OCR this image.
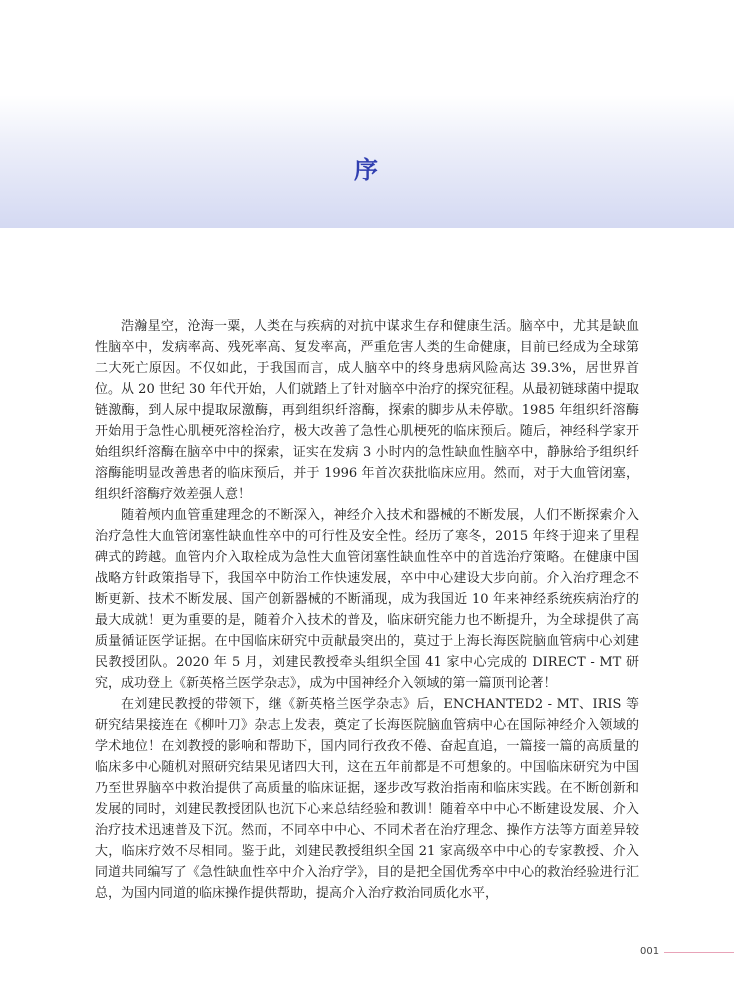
序

浩瀚星空，沧海一粟，人类在与疾病的对抗中谋求生存和健康生活。脑卒中，尤其是缺血性脑卒中，发病率高、残死率高、复发率高，严重危害人类的生命健康，目前已经成为全球第二大死亡原因。不仅如此，于我国而言，成人脑卒中的终身患病风险高达 39.3%，居世界首位。从 20 世纪 30 年代开始，人们就踏上了针对脑卒中治疗的探究征程。从最初链球菌中提取链激酶，到人尿中提取尿激酶，再到组织纤溶酶，探索的脚步从未停歇。1985 年组织纤溶酶开始用于急性心肌梗死溶栓治疗，极大改善了急性心肌梗死的临床预后。随后，神经科学家开始组织纤溶酶在脑卒中中的探索，证实在发病 3 小时内的急性缺血性脑卒中，静脉给予组织纤溶酶能明显改善患者的临床预后，并于 1996 年首次获批临床应用。然而，对于大血管闭塞，组织纤溶酶疗效差强人意！

随着颅内血管重建理念的不断深入，神经介入技术和器械的不断发展，人们不断探索介入治疗急性大血管闭塞性缺血性卒中的可行性及安全性。经历了寒冬，2015 年终于迎来了里程碑式的跨越。血管内介入取栓成为急性大血管闭塞性缺血性卒中的首选治疗策略。在健康中国战略方针政策指导下，我国卒中防治工作快速发展，卒中中心建设大步向前。介入治疗理念不断更新、技术不断发展、国产创新器械的不断涌现，成为我国近 10 年来神经系统疾病治疗的最大成就！更为重要的是，随着介入技术的普及，临床研究能力也不断提升，为全球提供了高质量循证医学证据。在中国临床研究中贡献最突出的，莫过于上海长海医院脑血管病中心刘建民教授团队。2020 年 5 月，刘建民教授牵头组织全国 41 家中心完成的 DIRECT - MT 研究，成功登上《新英格兰医学杂志》，成为中国神经介入领域的第一篇顶刊论著！

在刘建民教授的带领下，继《新英格兰医学杂志》后，ENCHANTED2 - MT、IRIS 等研究结果接连在《柳叶刀》杂志上发表，奠定了长海医院脑血管病中心在国际神经介入领域的学术地位！在刘教授的影响和帮助下，国内同行孜孜不倦、奋起直追，一篇接一篇的高质量的临床多中心随机对照研究结果见诸四大刊，这在五年前都是不可想象的。中国临床研究为中国乃至世界脑卒中救治提供了高质量的临床证据，逐步改写救治指南和临床实践。在不断创新和发展的同时，刘建民教授团队也沉下心来总结经验和教训！随着卒中中心不断建设发展、介入治疗技术迅速普及下沉。然而，不同卒中中心、不同术者在治疗理念、操作方法等方面差异较大，临床疗效不尽相同。鉴于此，刘建民教授组织全国 21 家高级卒中中心的专家教授、介入同道共同编写了《急性缺血性卒中介入治疗学》，目的是把全国优秀卒中中心的救治经验进行汇总，为国内同道的临床操作提供帮助，提高介入治疗救治同质化水平，

001
